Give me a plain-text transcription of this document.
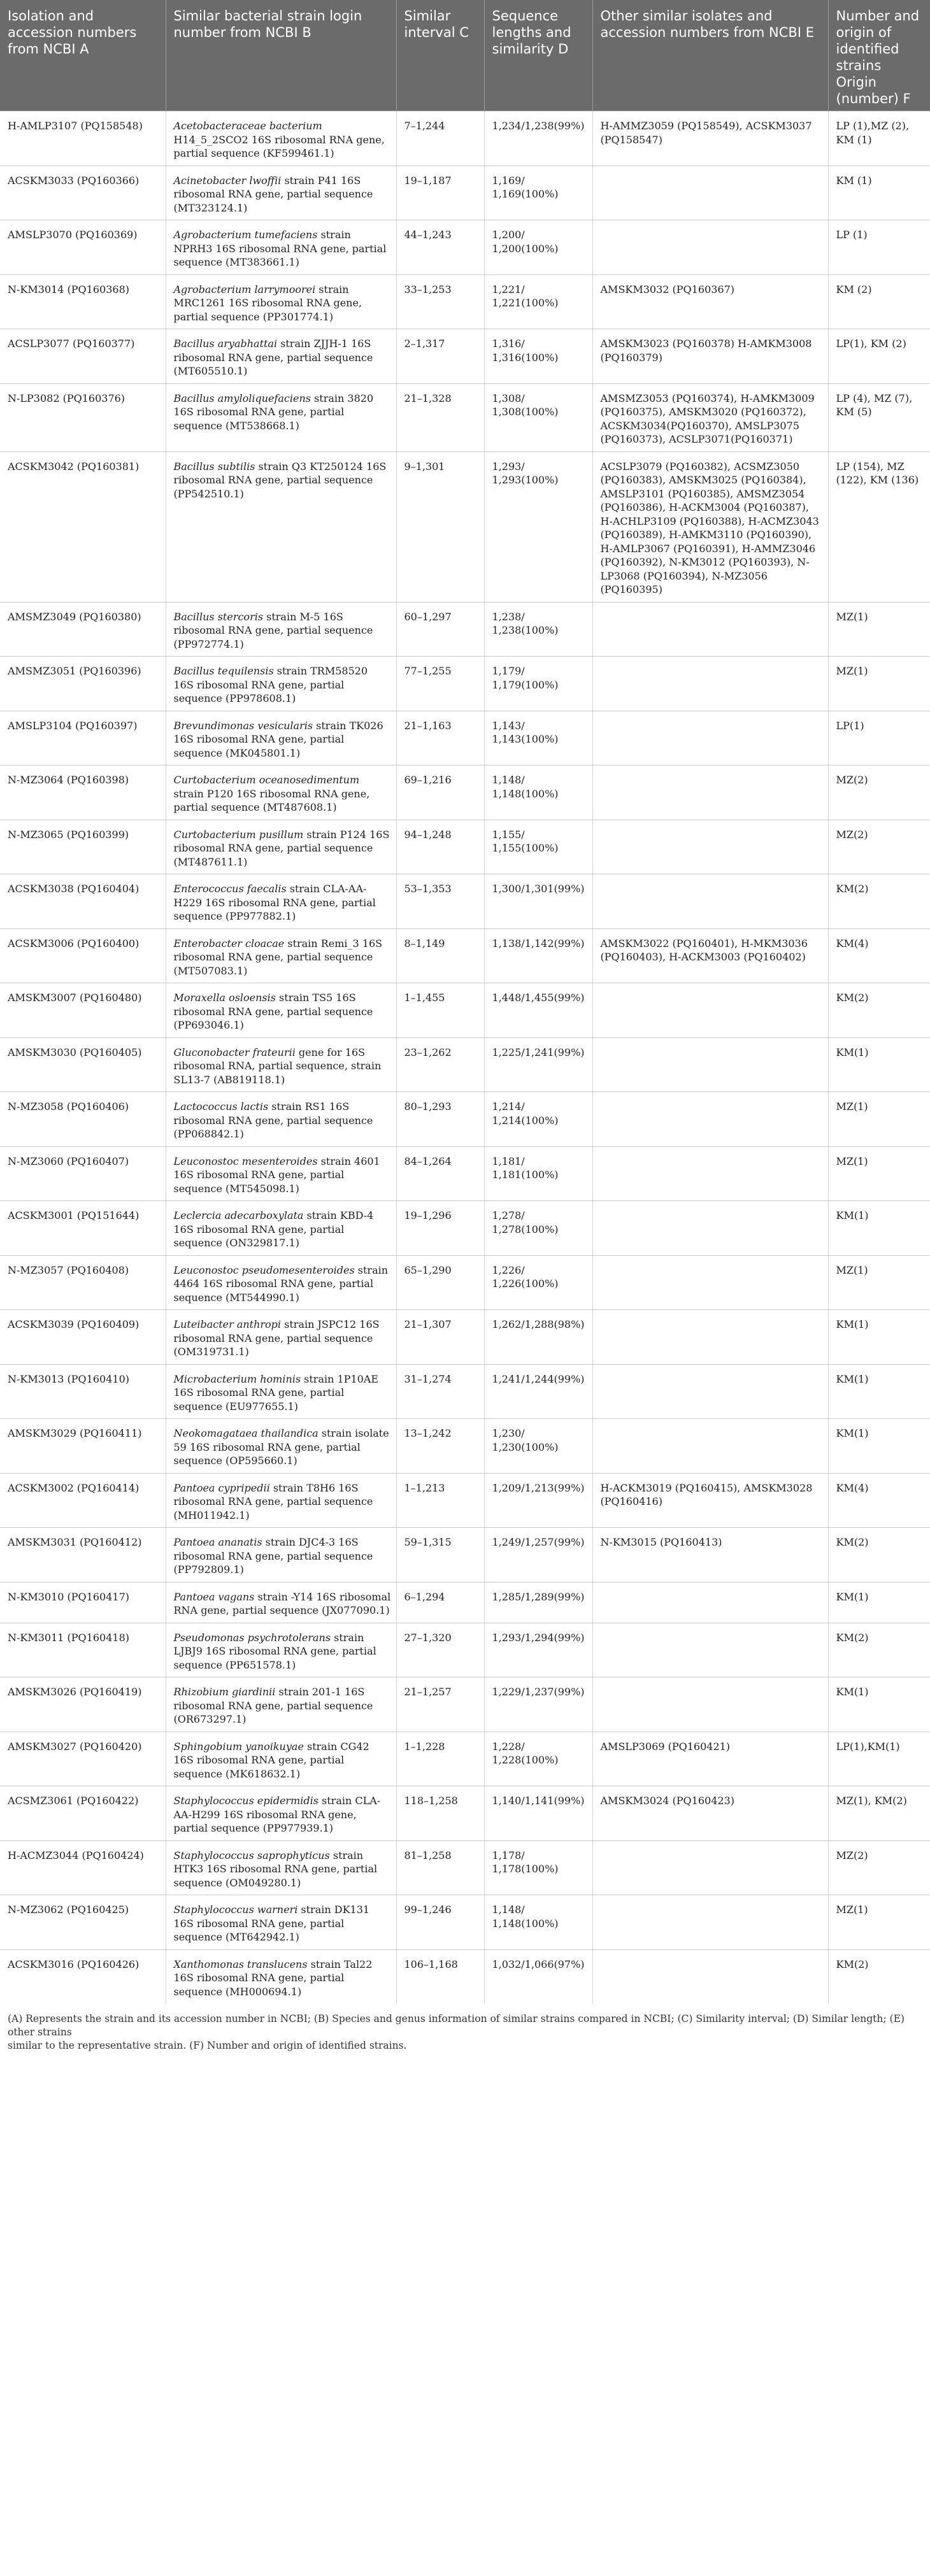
Isolation and accession numbers from NCBI A	Similar bacterial strain login number from NCBI B	Similar interval C	Sequence lengths and similarity D	Other similar isolates and accession numbers from NCBI E	Number and origin of identified strains Origin (number) F
H-AMLP3107 (PQ158548)	Acetobacteraceae bacterium H14_5_2SCO2 16S ribosomal RNA gene, partial sequence (KF599461.1)	7–1,244	1,234/1,238(99%)	H-AMMZ3059 (PQ158549), ACSKM3037 (PQ158547)	LP (1),MZ (2), KM (1)
ACSKM3033 (PQ160366)	Acinetobacter lwoffii strain P41 16S ribosomal RNA gene, partial sequence (MT323124.1)	19–1,187	1,169/ 1,169(100%)		KM (1)
AMSLP3070 (PQ160369)	Agrobacterium tumefaciens strain NPRH3 16S ribosomal RNA gene, partial sequence (MT383661.1)	44–1,243	1,200/ 1,200(100%)		LP (1)
N-KM3014 (PQ160368)	Agrobacterium larrymoorei strain MRC1261 16S ribosomal RNA gene, partial sequence (PP301774.1)	33–1,253	1,221/ 1,221(100%)	AMSKM3032 (PQ160367)	KM (2)
ACSLP3077 (PQ160377)	Bacillus aryabhattai strain ZJJH-1 16S ribosomal RNA gene, partial sequence (MT605510.1)	2–1,317	1,316/ 1,316(100%)	AMSKM3023 (PQ160378) H-AMKM3008 (PQ160379)	LP(1), KM (2)
N-LP3082 (PQ160376)	Bacillus amyloliquefaciens strain 3820 16S ribosomal RNA gene, partial sequence (MT538668.1)	21–1,328	1,308/ 1,308(100%)	AMSMZ3053 (PQ160374), H-AMKM3009 (PQ160375), AMSKM3020 (PQ160372), ACSKM3034(PQ160370), AMSLP3075 (PQ160373), ACSLP3071(PQ160371)	LP (4), MZ (7), KM (5)
ACSKM3042 (PQ160381)	Bacillus subtilis strain Q3 KT250124 16S ribosomal RNA gene, partial sequence (PP542510.1)	9–1,301	1,293/ 1,293(100%)	ACSLP3079 (PQ160382), ACSMZ3050 (PQ160383), AMSKM3025 (PQ160384), AMSLP3101 (PQ160385), AMSMZ3054 (PQ160386), H-ACKM3004 (PQ160387), H-ACHLP3109 (PQ160388), H-ACMZ3043 (PQ160389), H-AMKM3110 (PQ160390), H-AMLP3067 (PQ160391), H-AMMZ3046 (PQ160392), N-KM3012 (PQ160393), N-LP3068 (PQ160394), N-MZ3056 (PQ160395)	LP (154), MZ (122), KM (136)
AMSMZ3049 (PQ160380)	Bacillus stercoris strain M-5 16S ribosomal RNA gene, partial sequence (PP972774.1)	60–1,297	1,238/ 1,238(100%)		MZ(1)
AMSMZ3051 (PQ160396)	Bacillus tequilensis strain TRM58520 16S ribosomal RNA gene, partial sequence (PP978608.1)	77–1,255	1,179/ 1,179(100%)		MZ(1)
AMSLP3104 (PQ160397)	Brevundimonas vesicularis strain TK026 16S ribosomal RNA gene, partial sequence (MK045801.1)	21–1,163	1,143/ 1,143(100%)		LP(1)
N-MZ3064 (PQ160398)	Curtobacterium oceanosedimentum strain P120 16S ribosomal RNA gene, partial sequence (MT487608.1)	69–1,216	1,148/ 1,148(100%)		MZ(2)
N-MZ3065 (PQ160399)	Curtobacterium pusillum strain P124 16S ribosomal RNA gene, partial sequence (MT487611.1)	94–1,248	1,155/ 1,155(100%)		MZ(2)
ACSKM3038 (PQ160404)	Enterococcus faecalis strain CLA-AA-H229 16S ribosomal RNA gene, partial sequence (PP977882.1)	53–1,353	1,300/1,301(99%)		KM(2)
ACSKM3006 (PQ160400)	Enterobacter cloacae strain Remi_3 16S ribosomal RNA gene, partial sequence (MT507083.1)	8–1,149	1,138/1,142(99%)	AMSKM3022 (PQ160401), H-MKM3036 (PQ160403), H-ACKM3003 (PQ160402)	KM(4)
AMSKM3007 (PQ160480)	Moraxella osloensis strain TS5 16S ribosomal RNA gene, partial sequence (PP693046.1)	1–1,455	1,448/1,455(99%)		KM(2)
AMSKM3030 (PQ160405)	Gluconobacter frateurii gene for 16S ribosomal RNA, partial sequence, strain SL13-7 (AB819118.1)	23–1,262	1,225/1,241(99%)		KM(1)
N-MZ3058 (PQ160406)	Lactococcus lactis strain RS1 16S ribosomal RNA gene, partial sequence (PP068842.1)	80–1,293	1,214/ 1,214(100%)		MZ(1)
N-MZ3060 (PQ160407)	Leuconostoc mesenteroides strain 4601 16S ribosomal RNA gene, partial sequence (MT545098.1)	84–1,264	1,181/ 1,181(100%)		MZ(1)
ACSKM3001 (PQ151644)	Leclercia adecarboxylata strain KBD-4 16S ribosomal RNA gene, partial sequence (ON329817.1)	19–1,296	1,278/ 1,278(100%)		KM(1)
N-MZ3057 (PQ160408)	Leuconostoc pseudomesenteroides strain 4464 16S ribosomal RNA gene, partial sequence (MT544990.1)	65–1,290	1,226/ 1,226(100%)		MZ(1)
ACSKM3039 (PQ160409)	Luteibacter anthropi strain JSPC12 16S ribosomal RNA gene, partial sequence (OM319731.1)	21–1,307	1,262/1,288(98%)		KM(1)
N-KM3013 (PQ160410)	Microbacterium hominis strain 1P10AE 16S ribosomal RNA gene, partial sequence (EU977655.1)	31–1,274	1,241/1,244(99%)		KM(1)
AMSKM3029 (PQ160411)	Neokomagataea thailandica strain isolate 59 16S ribosomal RNA gene, partial sequence (OP595660.1)	13–1,242	1,230/ 1,230(100%)		KM(1)
ACSKM3002 (PQ160414)	Pantoea cypripedii strain T8H6 16S ribosomal RNA gene, partial sequence (MH011942.1)	1–1,213	1,209/1,213(99%)	H-ACKM3019 (PQ160415), AMSKM3028 (PQ160416)	KM(4)
AMSKM3031 (PQ160412)	Pantoea ananatis strain DJC4-3 16S ribosomal RNA gene, partial sequence (PP792809.1)	59–1,315	1,249/1,257(99%)	N-KM3015 (PQ160413)	KM(2)
N-KM3010 (PQ160417)	Pantoea vagans strain -Y14 16S ribosomal RNA gene, partial sequence (JX077090.1)	6–1,294	1,285/1,289(99%)		KM(1)
N-KM3011 (PQ160418)	Pseudomonas psychrotolerans strain LJBJ9 16S ribosomal RNA gene, partial sequence (PP651578.1)	27–1,320	1,293/1,294(99%)		KM(2)
AMSKM3026 (PQ160419)	Rhizobium giardinii strain 201-1 16S ribosomal RNA gene, partial sequence (OR673297.1)	21–1,257	1,229/1,237(99%)		KM(1)
AMSKM3027 (PQ160420)	Sphingobium yanoikuyae strain CG42 16S ribosomal RNA gene, partial sequence (MK618632.1)	1–1,228	1,228/ 1,228(100%)	AMSLP3069 (PQ160421)	LP(1),KM(1)
ACSMZ3061 (PQ160422)	Staphylococcus epidermidis strain CLA-AA-H299 16S ribosomal RNA gene, partial sequence (PP977939.1)	118–1,258	1,140/1,141(99%)	AMSKM3024 (PQ160423)	MZ(1), KM(2)
H-ACMZ3044 (PQ160424)	Staphylococcus saprophyticus strain HTK3 16S ribosomal RNA gene, partial sequence (OM049280.1)	81–1,258	1,178/ 1,178(100%)		MZ(2)
N-MZ3062 (PQ160425)	Staphylococcus warneri strain DK131 16S ribosomal RNA gene, partial sequence (MT642942.1)	99–1,246	1,148/ 1,148(100%)		MZ(1)
ACSKM3016 (PQ160426)	Xanthomonas translucens strain Tal22 16S ribosomal RNA gene, partial sequence (MH000694.1)	106–1,168	1,032/1,066(97%)		KM(2)
(A) Represents the strain and its accession number in NCBI; (B) Species and genus information of similar strains compared in NCBI; (C) Similarity interval; (D) Similar length; (E) other strains
similar to the representative strain. (F) Number and origin of identified strains.
